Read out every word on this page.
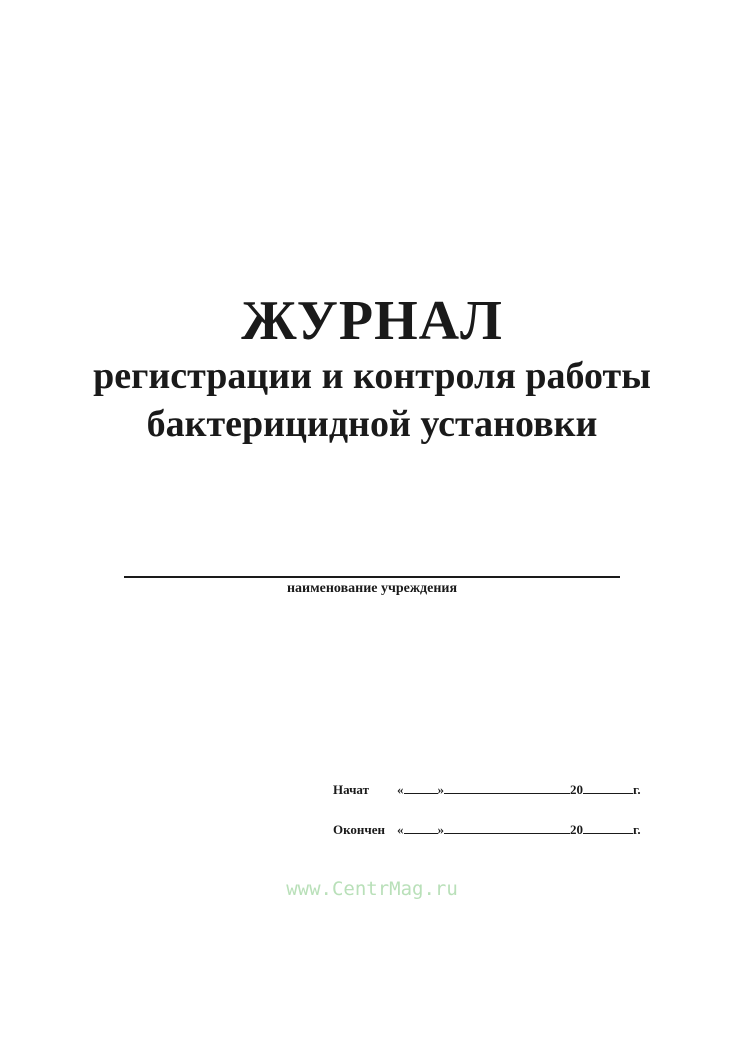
ЖУРНАЛ
регистрации и контроля работы
бактерицидной установки
наименование учреждения
Начат «	»	20	г.
Окончен «	»	20	г.
www.CentrMag.ru
